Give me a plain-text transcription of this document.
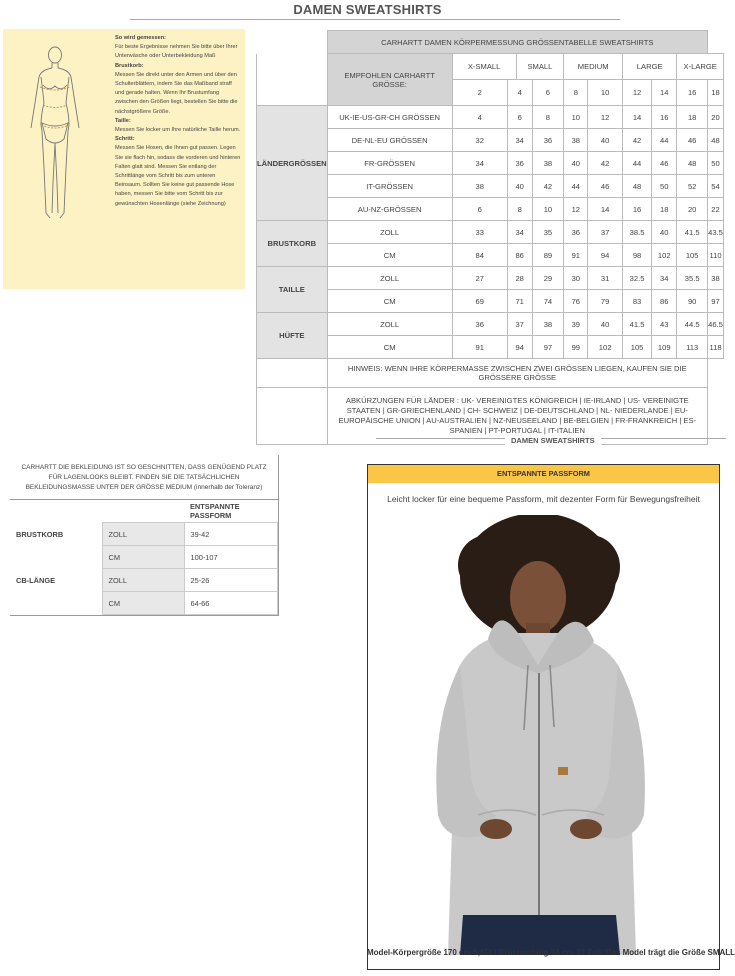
DAMEN SWEATSHIRTS
So wird gemessen:
Für beste Ergebnisse nehmen Sie bitte über Ihrer Unterwäsche oder Unterbekleidung Maß
Brustkorb:
Messen Sie direkt unter den Armen und über den Schulterblättern, indem Sie das Maßband straff und gerade halten. Wenn Ihr Brustumfang zwischen den Größen liegt, bestellen Sie bitte die nächstgrößere Größe.
Taille:
Messen Sie locker um Ihre natürliche Taille herum.
Schritt:
Messen Sie Hosen, die Ihnen gut passen. Legen Sie sie flach hin, sodass die vorderen und hinteren Falten glatt sind. Messen Sie entlang der Schrittlänge vom Schritt bis zum unteren Beinsaum. Sollten Sie keine gut passende Hose haben, messen Sie bitte vom Schritt bis zur gewünschten Hosenlänge (siehe Zeichnung)
	CARHARTT DAMEN KÖRPERMESSUNG GRÖSSENTABELLE SWEATSHIRTS										
	EMPFOHLEN CARHARTT GRÖSSE:	X-SMALL		SMALL		MEDIUM		LARGE		X-LARGE	
		2	4		6	8	10	12	14	16	18
LÄNDERGRÖSSEN	UK-IE-US-GR-CH GRÖSSEN	4	6		8	10	12	14	16	18	20
	DE-NL-EU GRÖSSEN	32	34		36	38	40	42	44	46	48
	FR-GRÖSSEN	34	36		38	40	42	44	46	48	50
	IT-GRÖSSEN	38	40		42	44	46	48	50	52	54
	AU-NZ-GRÖSSEN	6	8		10	12	14	16	18	20	22
BRUSTKORB	ZOLL	33	34		35	36	37	38.5	40	41.5	43.5
	CM	84	86		89	91	94	98	102	105	110
TAILLE	ZOLL	27	28		29	30	31	32.5	34	35.5	38
	CM	69	71		74	76	79	83	86	90	97
HÜFTE	ZOLL	36	37		38	39	40	41.5	43	44.5	46.5
	CM	91	94		97	99	102	105	109	113	118
	HINWEIS: WENN IHRE KÖRPERMASSE ZWISCHEN ZWEI GRÖSSEN LIEGEN, KAUFEN SIE DIE GRÖSSERE GRÖSSE										
	ABKÜRZUNGEN FÜR LÄNDER : UK- VEREINIGTES KÖNIGREICH | IE-IRLAND | US- VEREINIGTE STAATEN | GR-GRIECHENLAND | CH- SCHWEIZ | DE-DEUTSCHLAND | NL- NIEDERLANDE | EU-EUROPÄISCHE UNION | AU-AUSTRALIEN | NZ-NEUSEELAND | BE-BELGIEN | FR-FRANKREICH | ES-SPANIEN | PT-PORTUGAL | IT-ITALIEN										
CARHARTT DIE BEKLEIDUNG IST SO GESCHNITTEN, DASS GENÜGEND PLATZ FÜR LAGENLOOKS BLEIBT. FINDEN SIE DIE TATSÄCHLICHEN BEKLEIDUNGSMASSE UNTER DER GRÖSSE MEDIUM (innerhalb der Toleranz)
		ENTSPANNTE PASSFORM
BRUSTKORB	ZOLL	39-42
	CM	100-107
CB-LÄNGE	ZOLL	25-26
	CM	64-66
DAMEN SWEATSHIRTS
ENTSPANNTE PASSFORM
Leicht locker für eine bequeme Passform, mit dezenter Form für Bewegungsfreiheit
Model-Körpergröße 170 cm-5,6Ft / Brustumfang 84 cm-33 Zoll. Das Model trägt die Größe SMALL
